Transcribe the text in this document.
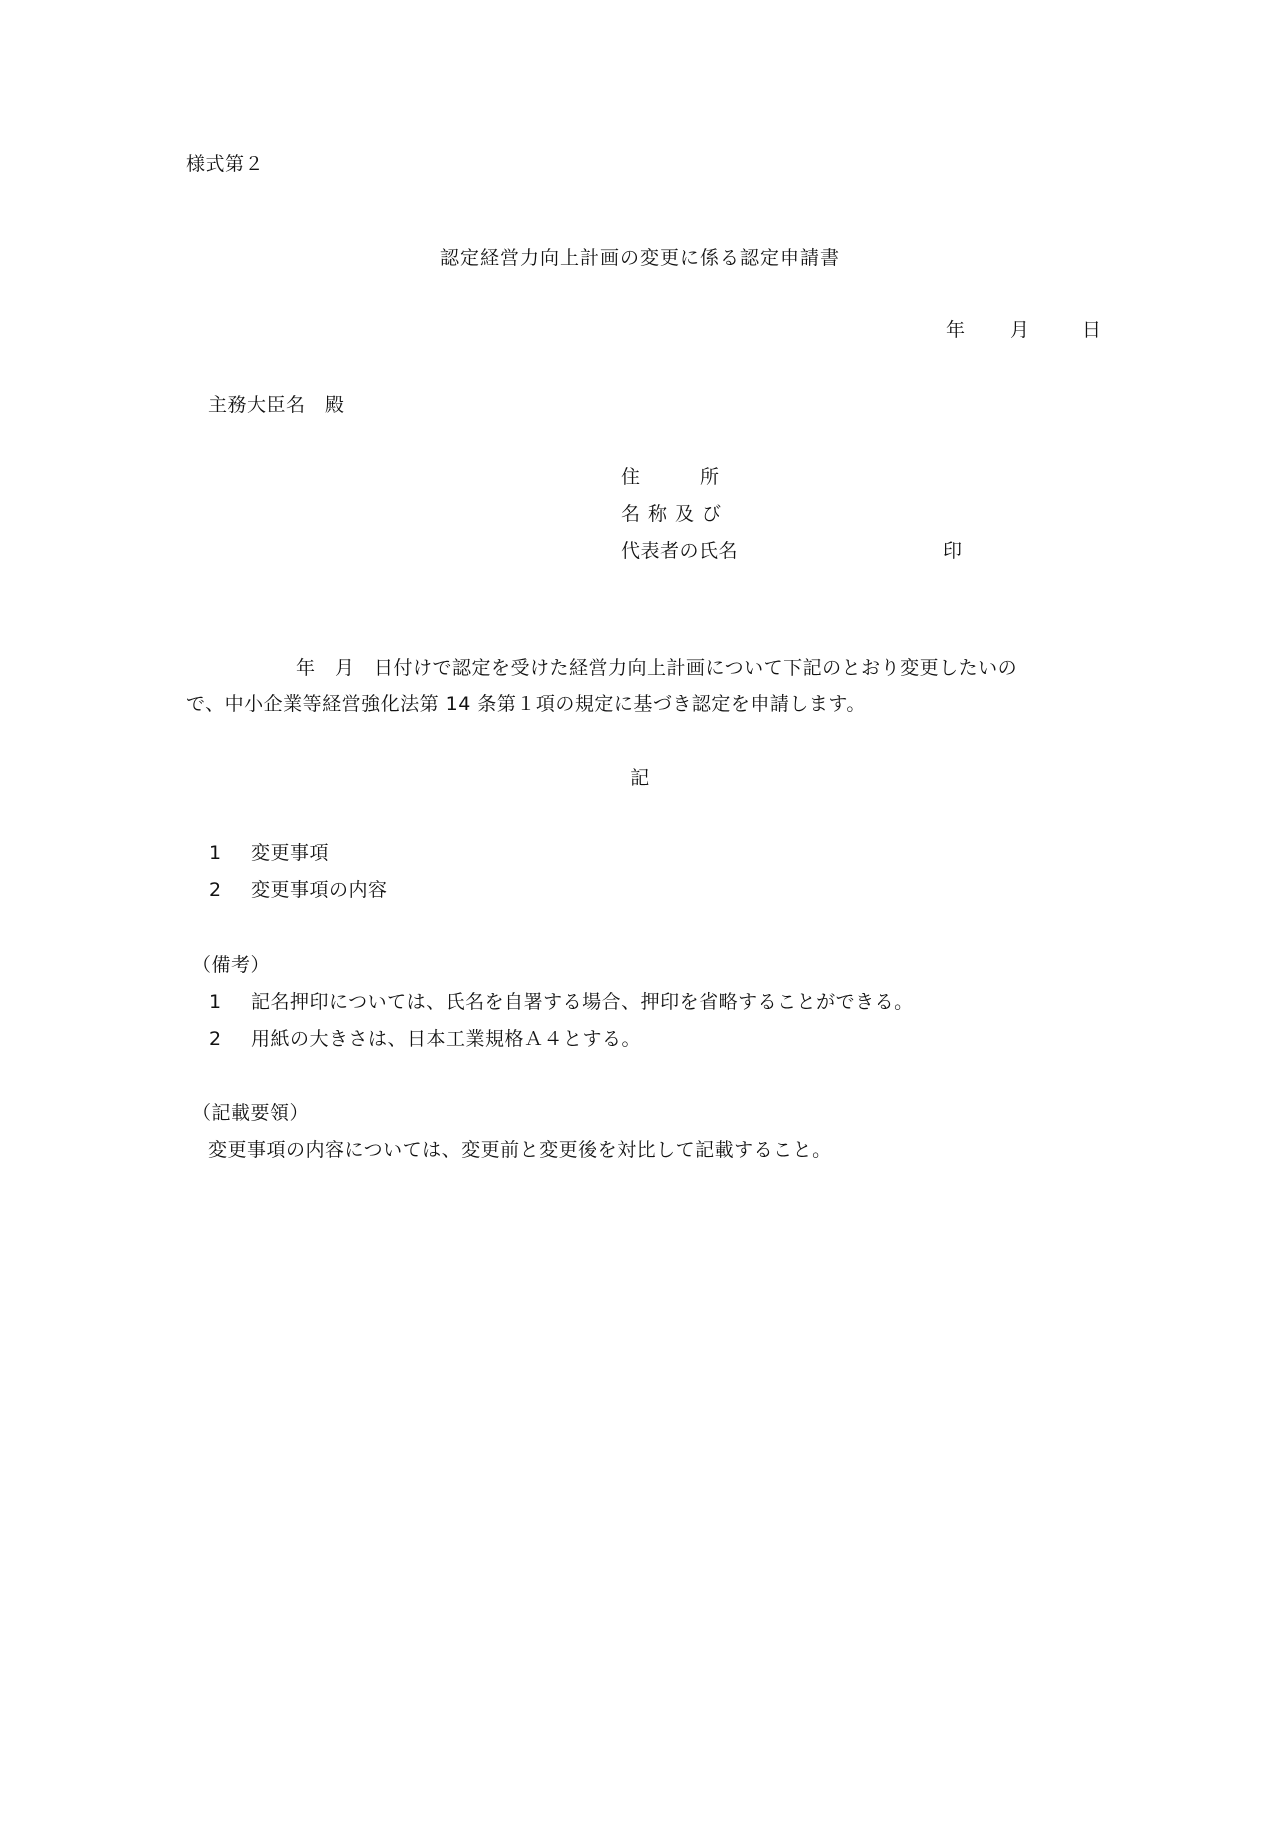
様式第２
認定経営力向上計画の変更に係る認定申請書
年 月	日
主務大臣名　殿
住所
名称及び
代表者の氏名	印
年　月　日付けで認定を受けた経営力向上計画について下記のとおり変更したいの
で、中小企業等経営強化法第 14 条第１項の規定に基づき認定を申請します。
記
1 変更事項
2 変更事項の内容
（備考）
1 記名押印については、氏名を自署する場合、押印を省略することができる。
2 用紙の大きさは、日本工業規格Ａ４とする。
（記載要領）
変更事項の内容については、変更前と変更後を対比して記載すること。
